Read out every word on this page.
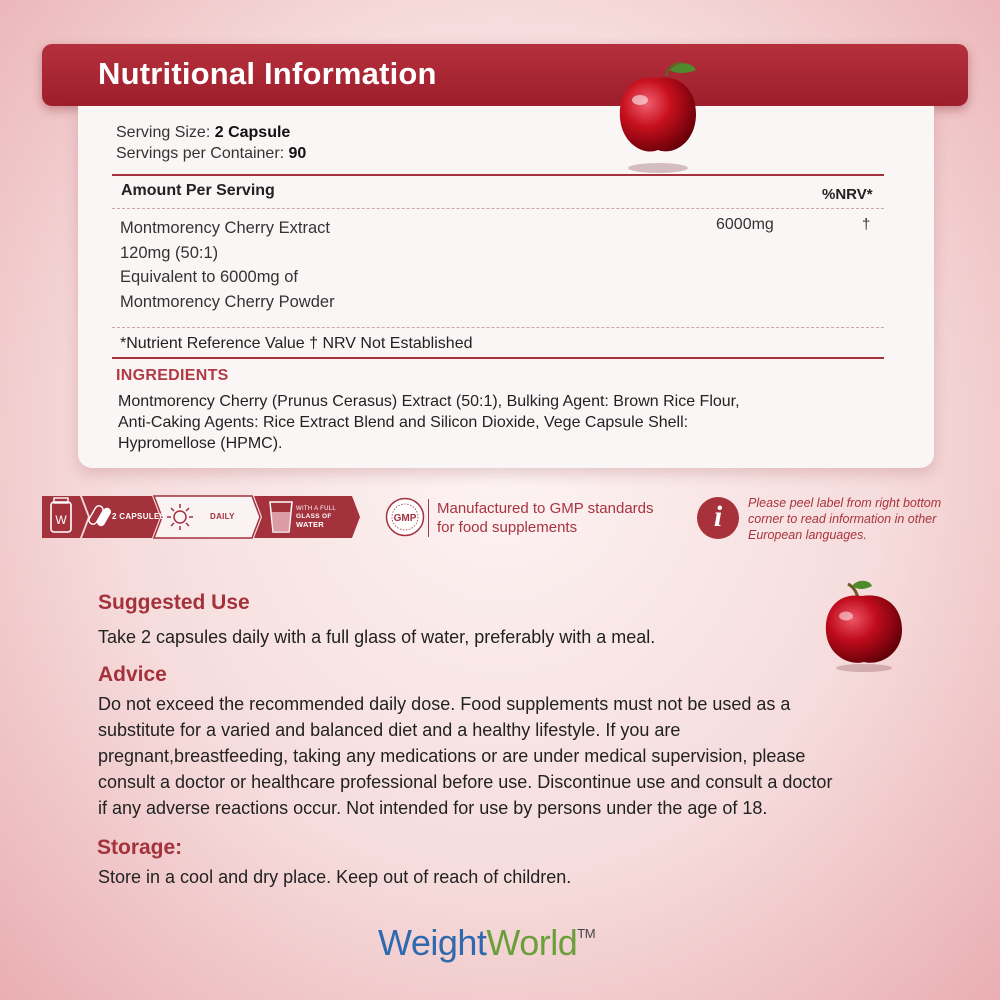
Nutritional Information
Serving Size: 2 Capsule
Servings per Container: 90
Amount Per Serving	%NRV*
Montmorency Cherry Extract
120mg (50:1)
Equivalent to 6000mg of
Montmorency Cherry Powder
6000mg	†
*Nutrient Reference Value † NRV Not Established
INGREDIENTS
Montmorency Cherry (Prunus Cerasus) Extract (50:1), Bulking Agent: Brown Rice Flour,
Anti-Caking Agents: Rice Extract Blend and Silicon Dioxide, Vege Capsule Shell:
Hypromellose (HPMC).
W	2 CAPSULES	DAILY
WITH A FULL
GLASS OF
WATER
GMP
Manufactured to GMP standards
for food supplements	i	Please peel label from right bottom
corner to read information in other
European languages.
Suggested Use
Take 2 capsules daily with a full glass of water, preferably with a meal.
Advice
Do not exceed the recommended daily dose. Food supplements must not be used as a
substitute for a varied and balanced diet and a healthy lifestyle. If you are
pregnant,breastfeeding, taking any medications or are under medical supervision, please
consult a doctor or healthcare professional before use. Discontinue use and consult a doctor
if any adverse reactions occur. Not intended for use by persons under the age of 18.
Storage:
Store in a cool and dry place. Keep out of reach of children.
WeightWorld™
